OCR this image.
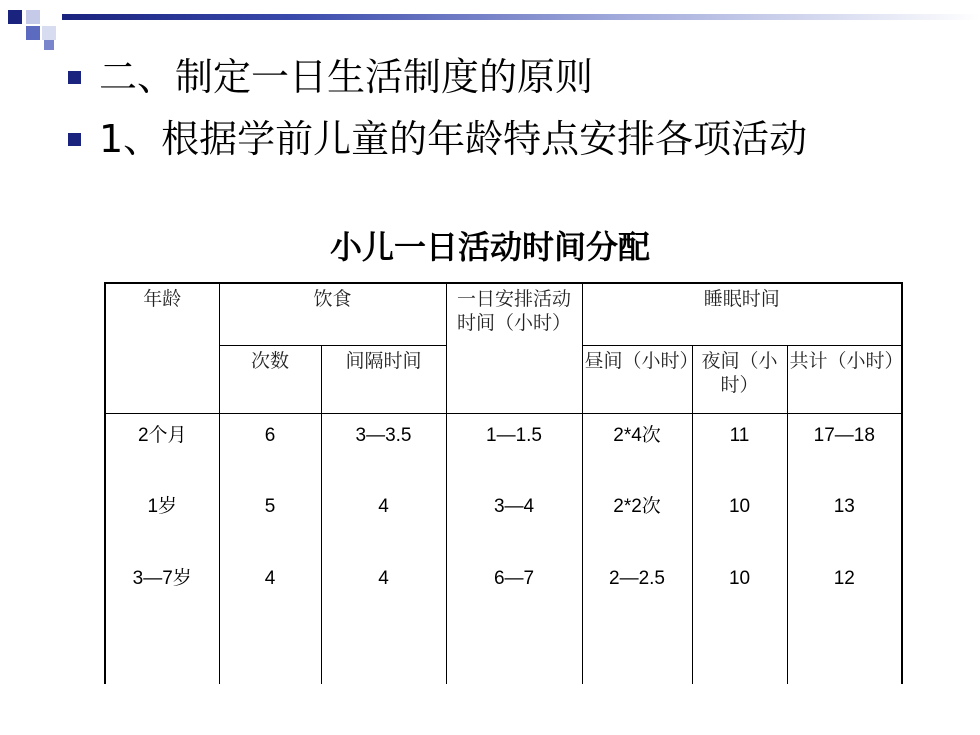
二、制定一日生活制度的原则
1、根据学前儿童的年龄特点安排各项活动
小儿一日活动时间分配
年龄	饮食		一日安排活动时间（小时）	睡眠时间		
	次数	间隔时间		昼间（小时）	夜间（小时）	共计（小时）
2个月	6	3—3.5	1—1.5	2*4次	11	17—18
1岁	5	4	3—4	2*2次	10	13
3—7岁	4	4	6—7	2—2.5	10	12
